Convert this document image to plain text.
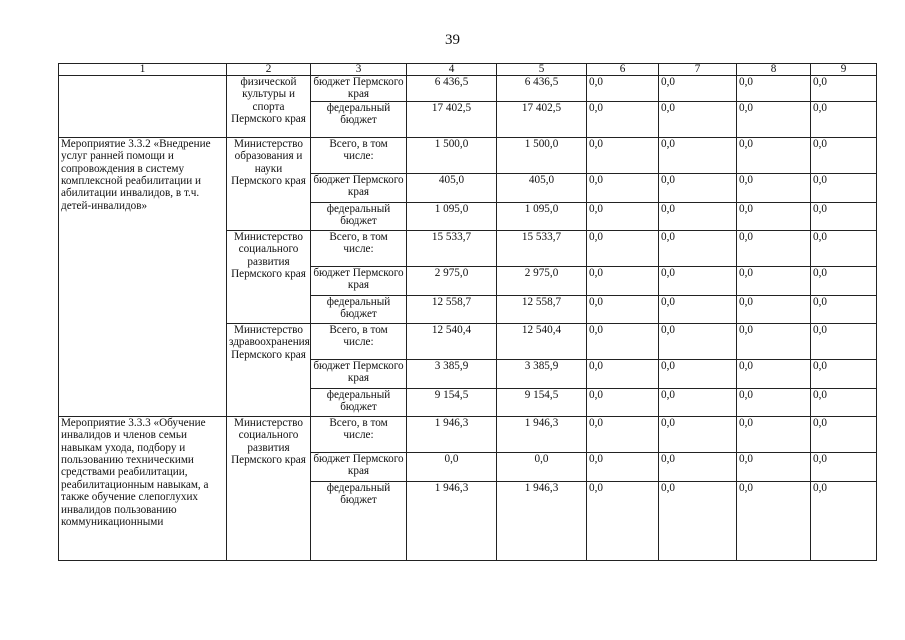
39
1	2	3	4	5	6	7	8	9
	физической культуры и спорта Пермского края	бюджет Пермского края	6 436,5	6 436,5	0,0	0,0	0,0	0,0
		федеральный бюджет	17 402,5	17 402,5	0,0	0,0	0,0	0,0
Мероприятие 3.3.2 «Внедрение услуг ранней помощи и сопровождения в систему комплексной реабилитации и абилитации инвалидов, в т.ч. детей-инвалидов»	Министерство образования и науки Пермского края	Всего, в том числе:	1 500,0	1 500,0	0,0	0,0	0,0	0,0
		бюджет Пермского края	405,0	405,0	0,0	0,0	0,0	0,0
		федеральный бюджет	1 095,0	1 095,0	0,0	0,0	0,0	0,0
	Министерство социального развития Пермского края	Всего, в том числе:	15 533,7	15 533,7	0,0	0,0	0,0	0,0
		бюджет Пермского края	2 975,0	2 975,0	0,0	0,0	0,0	0,0
		федеральный бюджет	12 558,7	12 558,7	0,0	0,0	0,0	0,0
	Министерство здравоохранения Пермского края	Всего, в том числе:	12 540,4	12 540,4	0,0	0,0	0,0	0,0
		бюджет Пермского края	3 385,9	3 385,9	0,0	0,0	0,0	0,0
		федеральный бюджет	9 154,5	9 154,5	0,0	0,0	0,0	0,0
Мероприятие 3.3.3 «Обучение инвалидов и членов семьи навыкам ухода, подбору и пользованию техническими средствами реабилитации, реабилитационным навыкам, а также обучение слепоглухих инвалидов пользованию коммуникационными	Министерство социального развития Пермского края	Всего, в том числе:	1 946,3	1 946,3	0,0	0,0	0,0	0,0
		бюджет Пермского края	0,0	0,0	0,0	0,0	0,0	0,0
		федеральный бюджет	1 946,3	1 946,3	0,0	0,0	0,0	0,0
